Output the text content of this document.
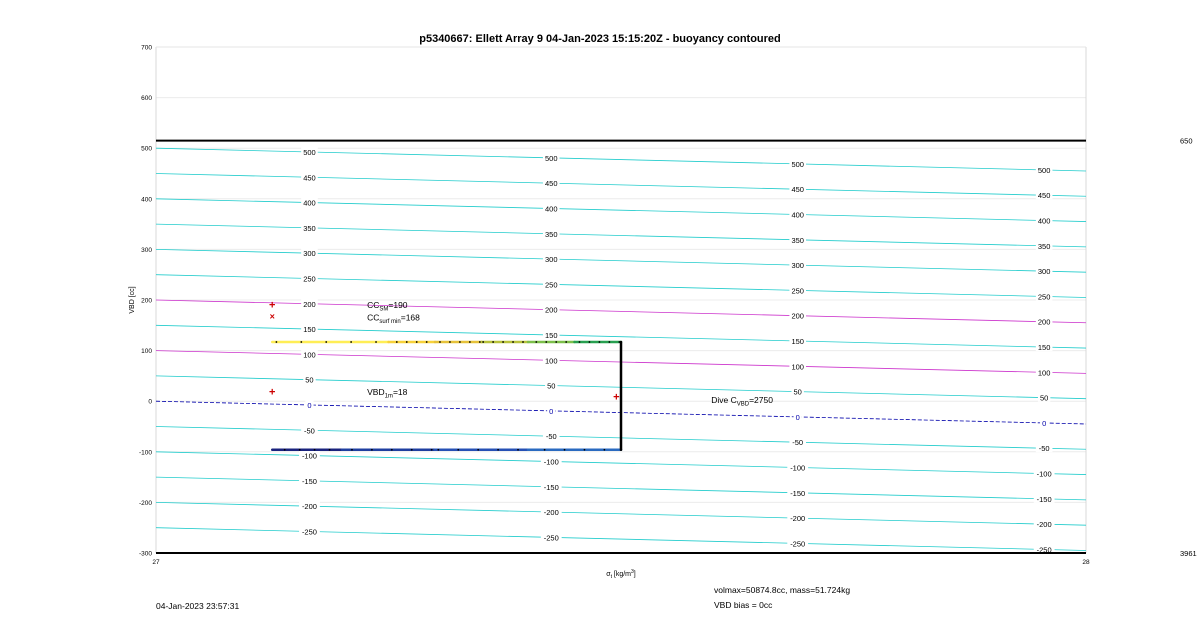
p5340667: Ellett Array 9 04-Jan-2023 15:15:20Z - buoyancy contoured
-300
-200
-100
0
100
200
300
400
500
600
700
27	28
VBD [cc]
$\sigma_t$ $[kg/m^3]$
-250
-250
-250
-250
-200
-200
-200
-200
-150
-150
-150
-150
-100
-100
-100
-100
-50
-50
-50
-50
0
0
0
0
50
50
50
50
100
100
100
100
150
150
150
150
200
200
200
200
250
250
250
250
300
300
300
300
350
350
350
350
400
400
400
400
450
450
450
450
500
500
500
500
650
3961
+
×
+	+
$CC_{SM}=190$
$CC_{surf min}=168$
$VBD_{1m}=18$
Dive $C_{VBD}=2750$
04-Jan-2023 23:57:31
volmax=50874.8cc, mass=51.724kg
VBD bias = 0cc
